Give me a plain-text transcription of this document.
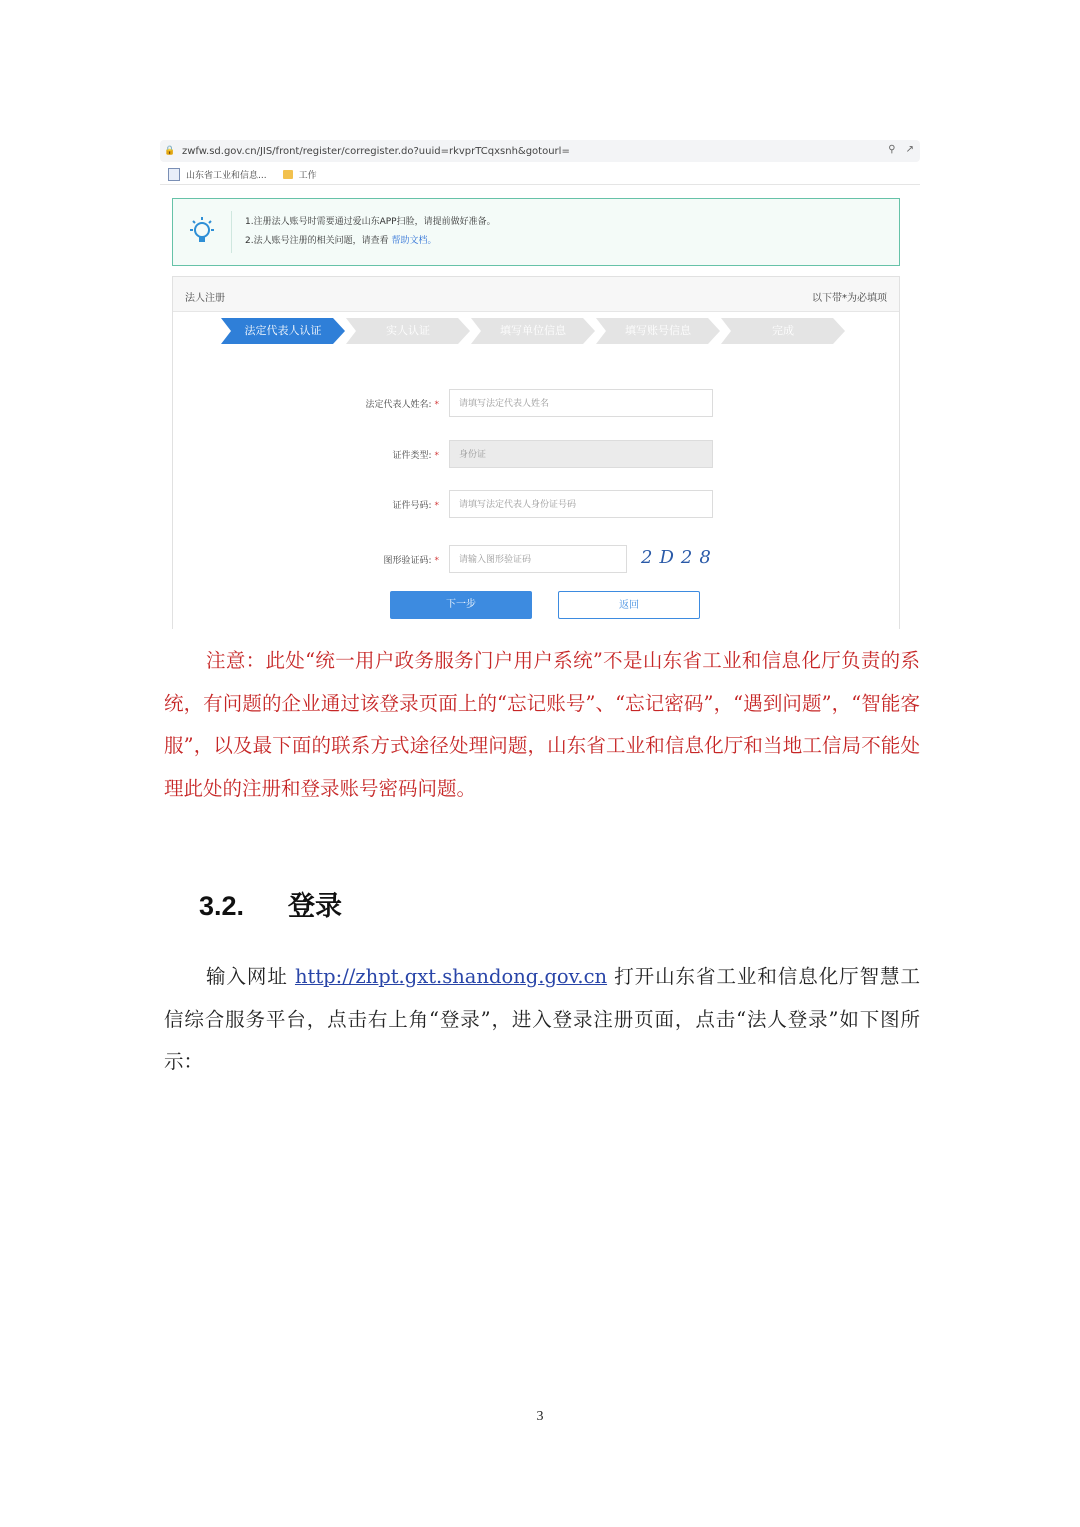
🔒 zwfw.sd.gov.cn/JIS/front/register/corregister.do?uuid=rkvprTCqxsnh&gotourl=	⚲ ↗
山东省工业和信息...	工作
1.注册法人账号时需要通过爱山东APP扫脸，请提前做好准备。
2.法人账号注册的相关问题，请查看 帮助文档。
法人注册	以下带*为必填项
法定代表人认证	实人认证	填写单位信息	填写账号信息	完成
法定代表人姓名: *	请填写法定代表人姓名
证件类型: *	身份证
证件号码: *	请填写法定代表人身份证号码
图形验证码: *	请输入图形验证码	2D28
下一步	返回

注意：此处“统一用户政务服务门户用户系统”不是山东省工业和信息化厅负责的系统，有问题的企业通过该登录页面上的“忘记账号”、“忘记密码”，“遇到问题”，“智能客服”，以及最下面的联系方式途径处理问题，山东省工业和信息化厅和当地工信局不能处理此处的注册和登录账号密码问题。

3.2. 登录

输入网址 http://zhpt.gxt.shandong.gov.cn 打开山东省工业和信息化厅智慧工信综合服务平台，点击右上角“登录”，进入登录注册页面，点击“法人登录”如下图所示：

3
